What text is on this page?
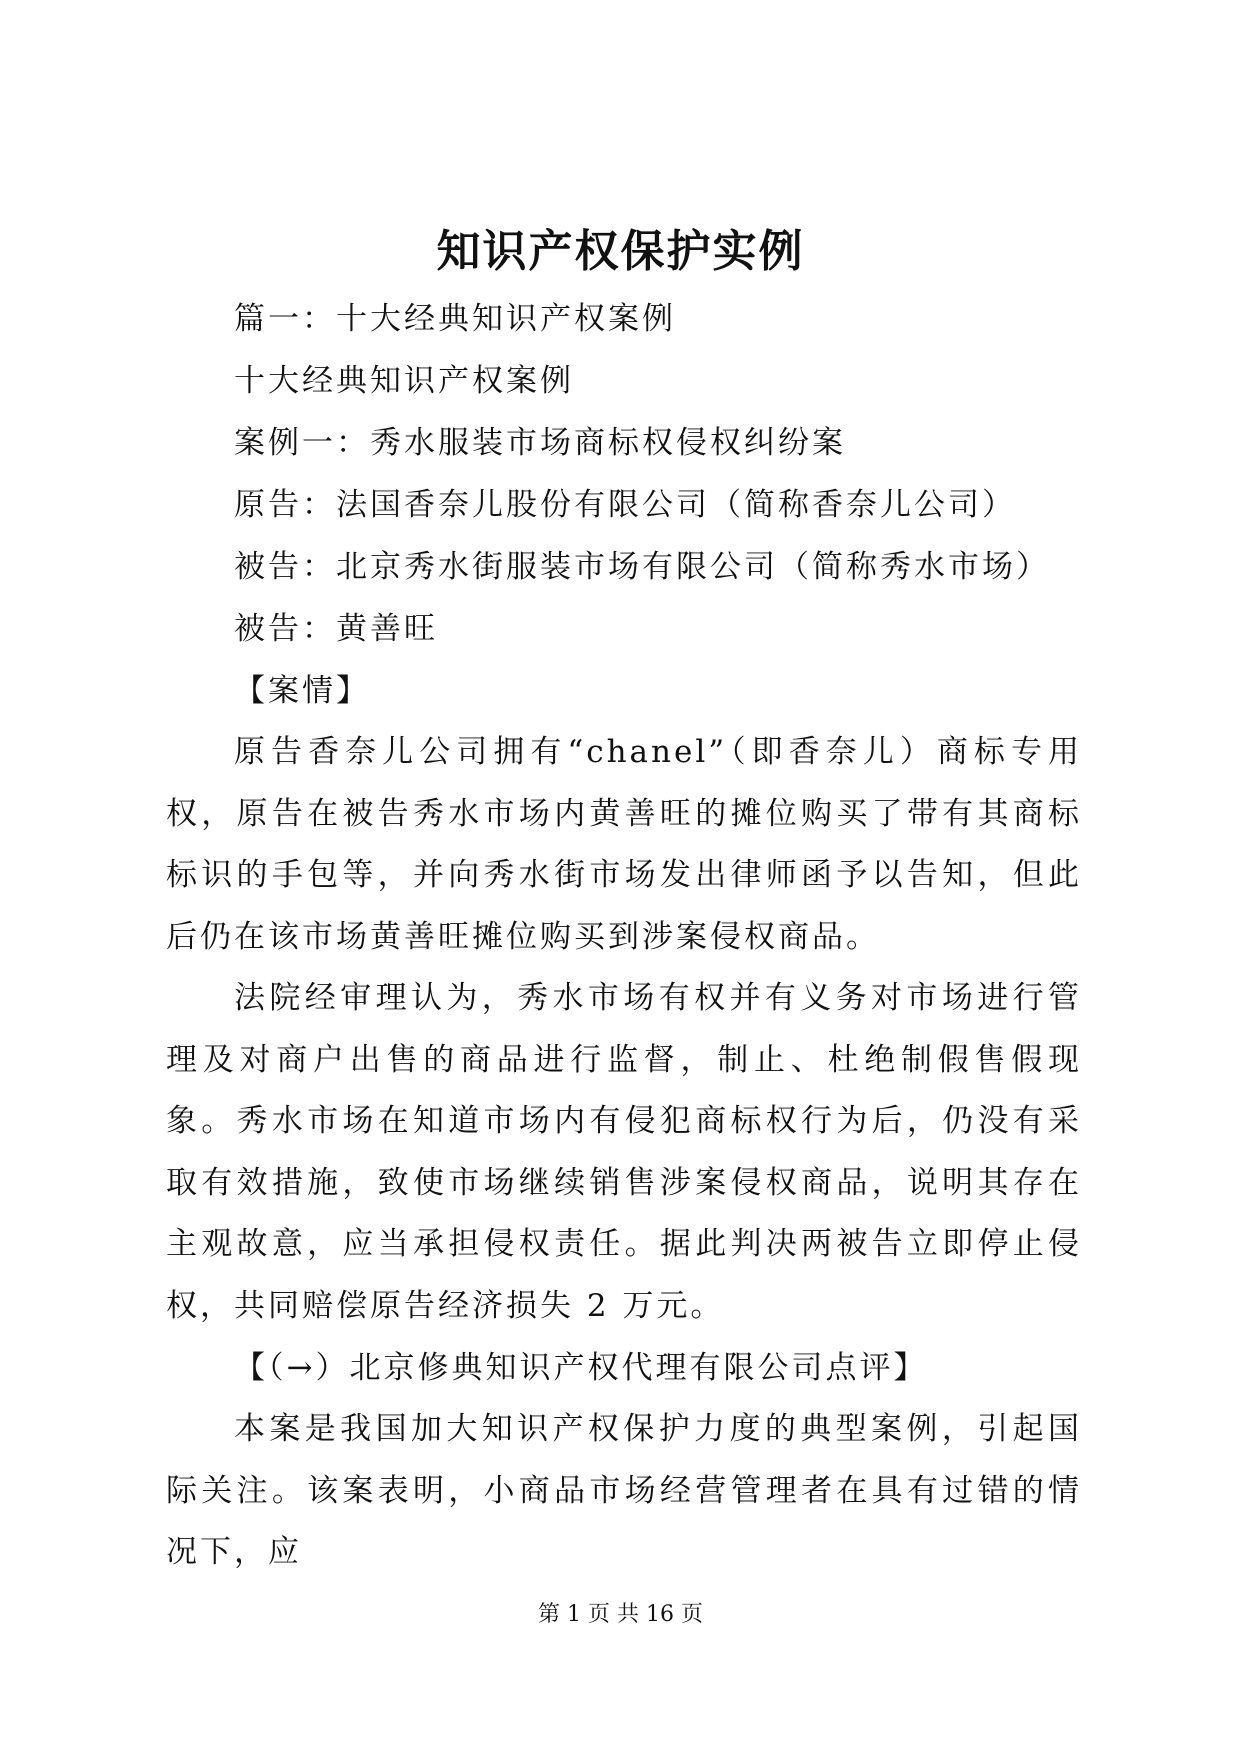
知识产权保护实例
篇一：十大经典知识产权案例
十大经典知识产权案例
案例一：秀水服装市场商标权侵权纠纷案
原告：法国香奈儿股份有限公司（简称香奈儿公司）
被告：北京秀水街服装市场有限公司（简称秀水市场）
被告：黄善旺
【案情】

原告香奈儿公司拥有“chanel”（即香奈儿）商标专用权，原告在被告秀水市场内黄善旺的摊位购买了带有其商标标识的手包等，并向秀水街市场发出律师函予以告知，但此后仍在该市场黄善旺摊位购买到涉案侵权商品。

法院经审理认为，秀水市场有权并有义务对市场进行管理及对商户出售的商品进行监督，制止、杜绝制假售假现象。秀水市场在知道市场内有侵犯商标权行为后，仍没有采取有效措施，致使市场继续销售涉案侵权商品，说明其存在主观故意，应当承担侵权责任。据此判决两被告立即停止侵权，共同赔偿原告经济损失 2 万元。

【（→）北京修典知识产权代理有限公司点评】

本案是我国加大知识产权保护力度的典型案例，引起国际关注。该案表明，小商品市场经营管理者在具有过错的情况下，应

第 1 页 共 16 页
